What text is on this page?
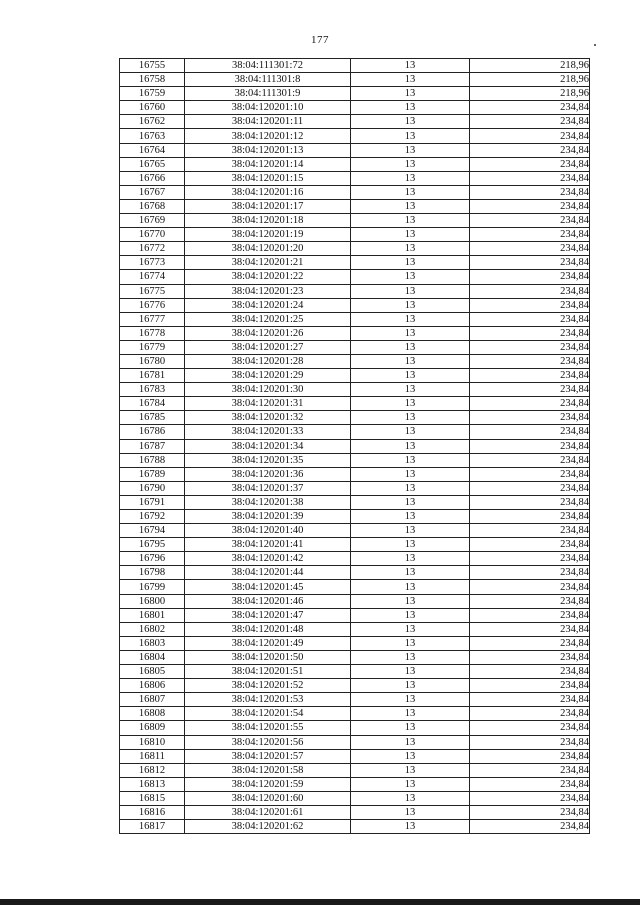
177
16755	38:04:111301:72	13	218,96
16758	38:04:111301:8	13	218,96
16759	38:04:111301:9	13	218,96
16760	38:04:120201:10	13	234,84
16762	38:04:120201:11	13	234,84
16763	38:04:120201:12	13	234,84
16764	38:04:120201:13	13	234,84
16765	38:04:120201:14	13	234,84
16766	38:04:120201:15	13	234,84
16767	38:04:120201:16	13	234,84
16768	38:04:120201:17	13	234,84
16769	38:04:120201:18	13	234,84
16770	38:04:120201:19	13	234,84
16772	38:04:120201:20	13	234,84
16773	38:04:120201:21	13	234,84
16774	38:04:120201:22	13	234,84
16775	38:04:120201:23	13	234,84
16776	38:04:120201:24	13	234,84
16777	38:04:120201:25	13	234,84
16778	38:04:120201:26	13	234,84
16779	38:04:120201:27	13	234,84
16780	38:04:120201:28	13	234,84
16781	38:04:120201:29	13	234,84
16783	38:04:120201:30	13	234,84
16784	38:04:120201:31	13	234,84
16785	38:04:120201:32	13	234,84
16786	38:04:120201:33	13	234,84
16787	38:04:120201:34	13	234,84
16788	38:04:120201:35	13	234,84
16789	38:04:120201:36	13	234,84
16790	38:04:120201:37	13	234,84
16791	38:04:120201:38	13	234,84
16792	38:04:120201:39	13	234,84
16794	38:04:120201:40	13	234,84
16795	38:04:120201:41	13	234,84
16796	38:04:120201:42	13	234,84
16798	38:04:120201:44	13	234,84
16799	38:04:120201:45	13	234,84
16800	38:04:120201:46	13	234,84
16801	38:04:120201:47	13	234,84
16802	38:04:120201:48	13	234,84
16803	38:04:120201:49	13	234,84
16804	38:04:120201:50	13	234,84
16805	38:04:120201:51	13	234,84
16806	38:04:120201:52	13	234,84
16807	38:04:120201:53	13	234,84
16808	38:04:120201:54	13	234,84
16809	38:04:120201:55	13	234,84
16810	38:04:120201:56	13	234,84
16811	38:04:120201:57	13	234,84
16812	38:04:120201:58	13	234,84
16813	38:04:120201:59	13	234,84
16815	38:04:120201:60	13	234,84
16816	38:04:120201:61	13	234,84
16817	38:04:120201:62	13	234,84
